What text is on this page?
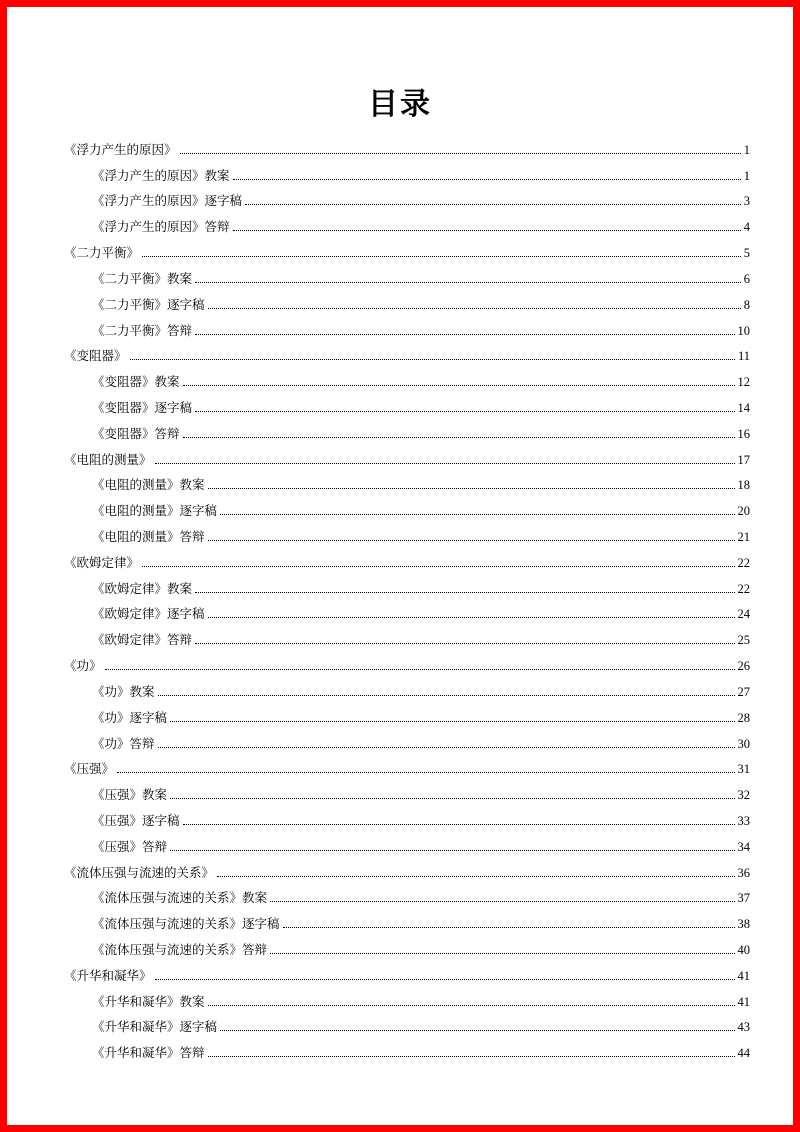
目录
《浮力产生的原因》	1
《浮力产生的原因》教案	1
《浮力产生的原因》逐字稿	3
《浮力产生的原因》答辩	4
《二力平衡》	5
《二力平衡》教案	6
《二力平衡》逐字稿	8
《二力平衡》答辩	10
《变阻器》	11
《变阻器》教案	12
《变阻器》逐字稿	14
《变阻器》答辩	16
《电阻的测量》	17
《电阻的测量》教案	18
《电阻的测量》逐字稿	20
《电阻的测量》答辩	21
《欧姆定律》	22
《欧姆定律》教案	22
《欧姆定律》逐字稿	24
《欧姆定律》答辩	25
《功》	26
《功》教案	27
《功》逐字稿	28
《功》答辩	30
《压强》	31
《压强》教案	32
《压强》逐字稿	33
《压强》答辩	34
《流体压强与流速的关系》	36
《流体压强与流速的关系》教案	37
《流体压强与流速的关系》逐字稿	38
《流体压强与流速的关系》答辩	40
《升华和凝华》	41
《升华和凝华》教案	41
《升华和凝华》逐字稿	43
《升华和凝华》答辩	44
